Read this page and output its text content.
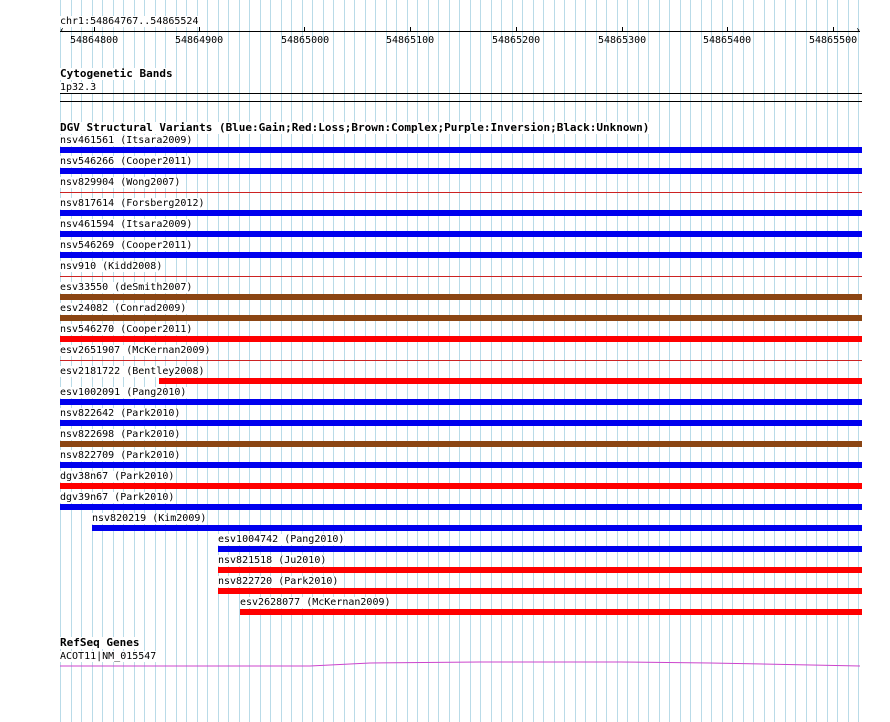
chr1:54864767..54865524
‹	›
54864800	54864900	54865000	54865100	54865200	54865300	54865400	54865500
Cytogenetic Bands
1p32.3
DGV Structural Variants (Blue:Gain;Red:Loss;Brown:Complex;Purple:Inversion;Black:Unknown)
nsv461561 (Itsara2009)
nsv546266 (Cooper2011)
nsv829904 (Wong2007)
nsv817614 (Forsberg2012)
nsv461594 (Itsara2009)
nsv546269 (Cooper2011)
nsv910 (Kidd2008)
esv33550 (deSmith2007)
esv24082 (Conrad2009)
nsv546270 (Cooper2011)
esv2651907 (McKernan2009)
esv2181722 (Bentley2008)
esv1002091 (Pang2010)
nsv822642 (Park2010)
nsv822698 (Park2010)
nsv822709 (Park2010)
dgv38n67 (Park2010)
dgv39n67 (Park2010)
nsv820219 (Kim2009)
esv1004742 (Pang2010)
nsv821518 (Ju2010)
nsv822720 (Park2010)
esv2628077 (McKernan2009)
RefSeq Genes
ACOT11|NM_015547
